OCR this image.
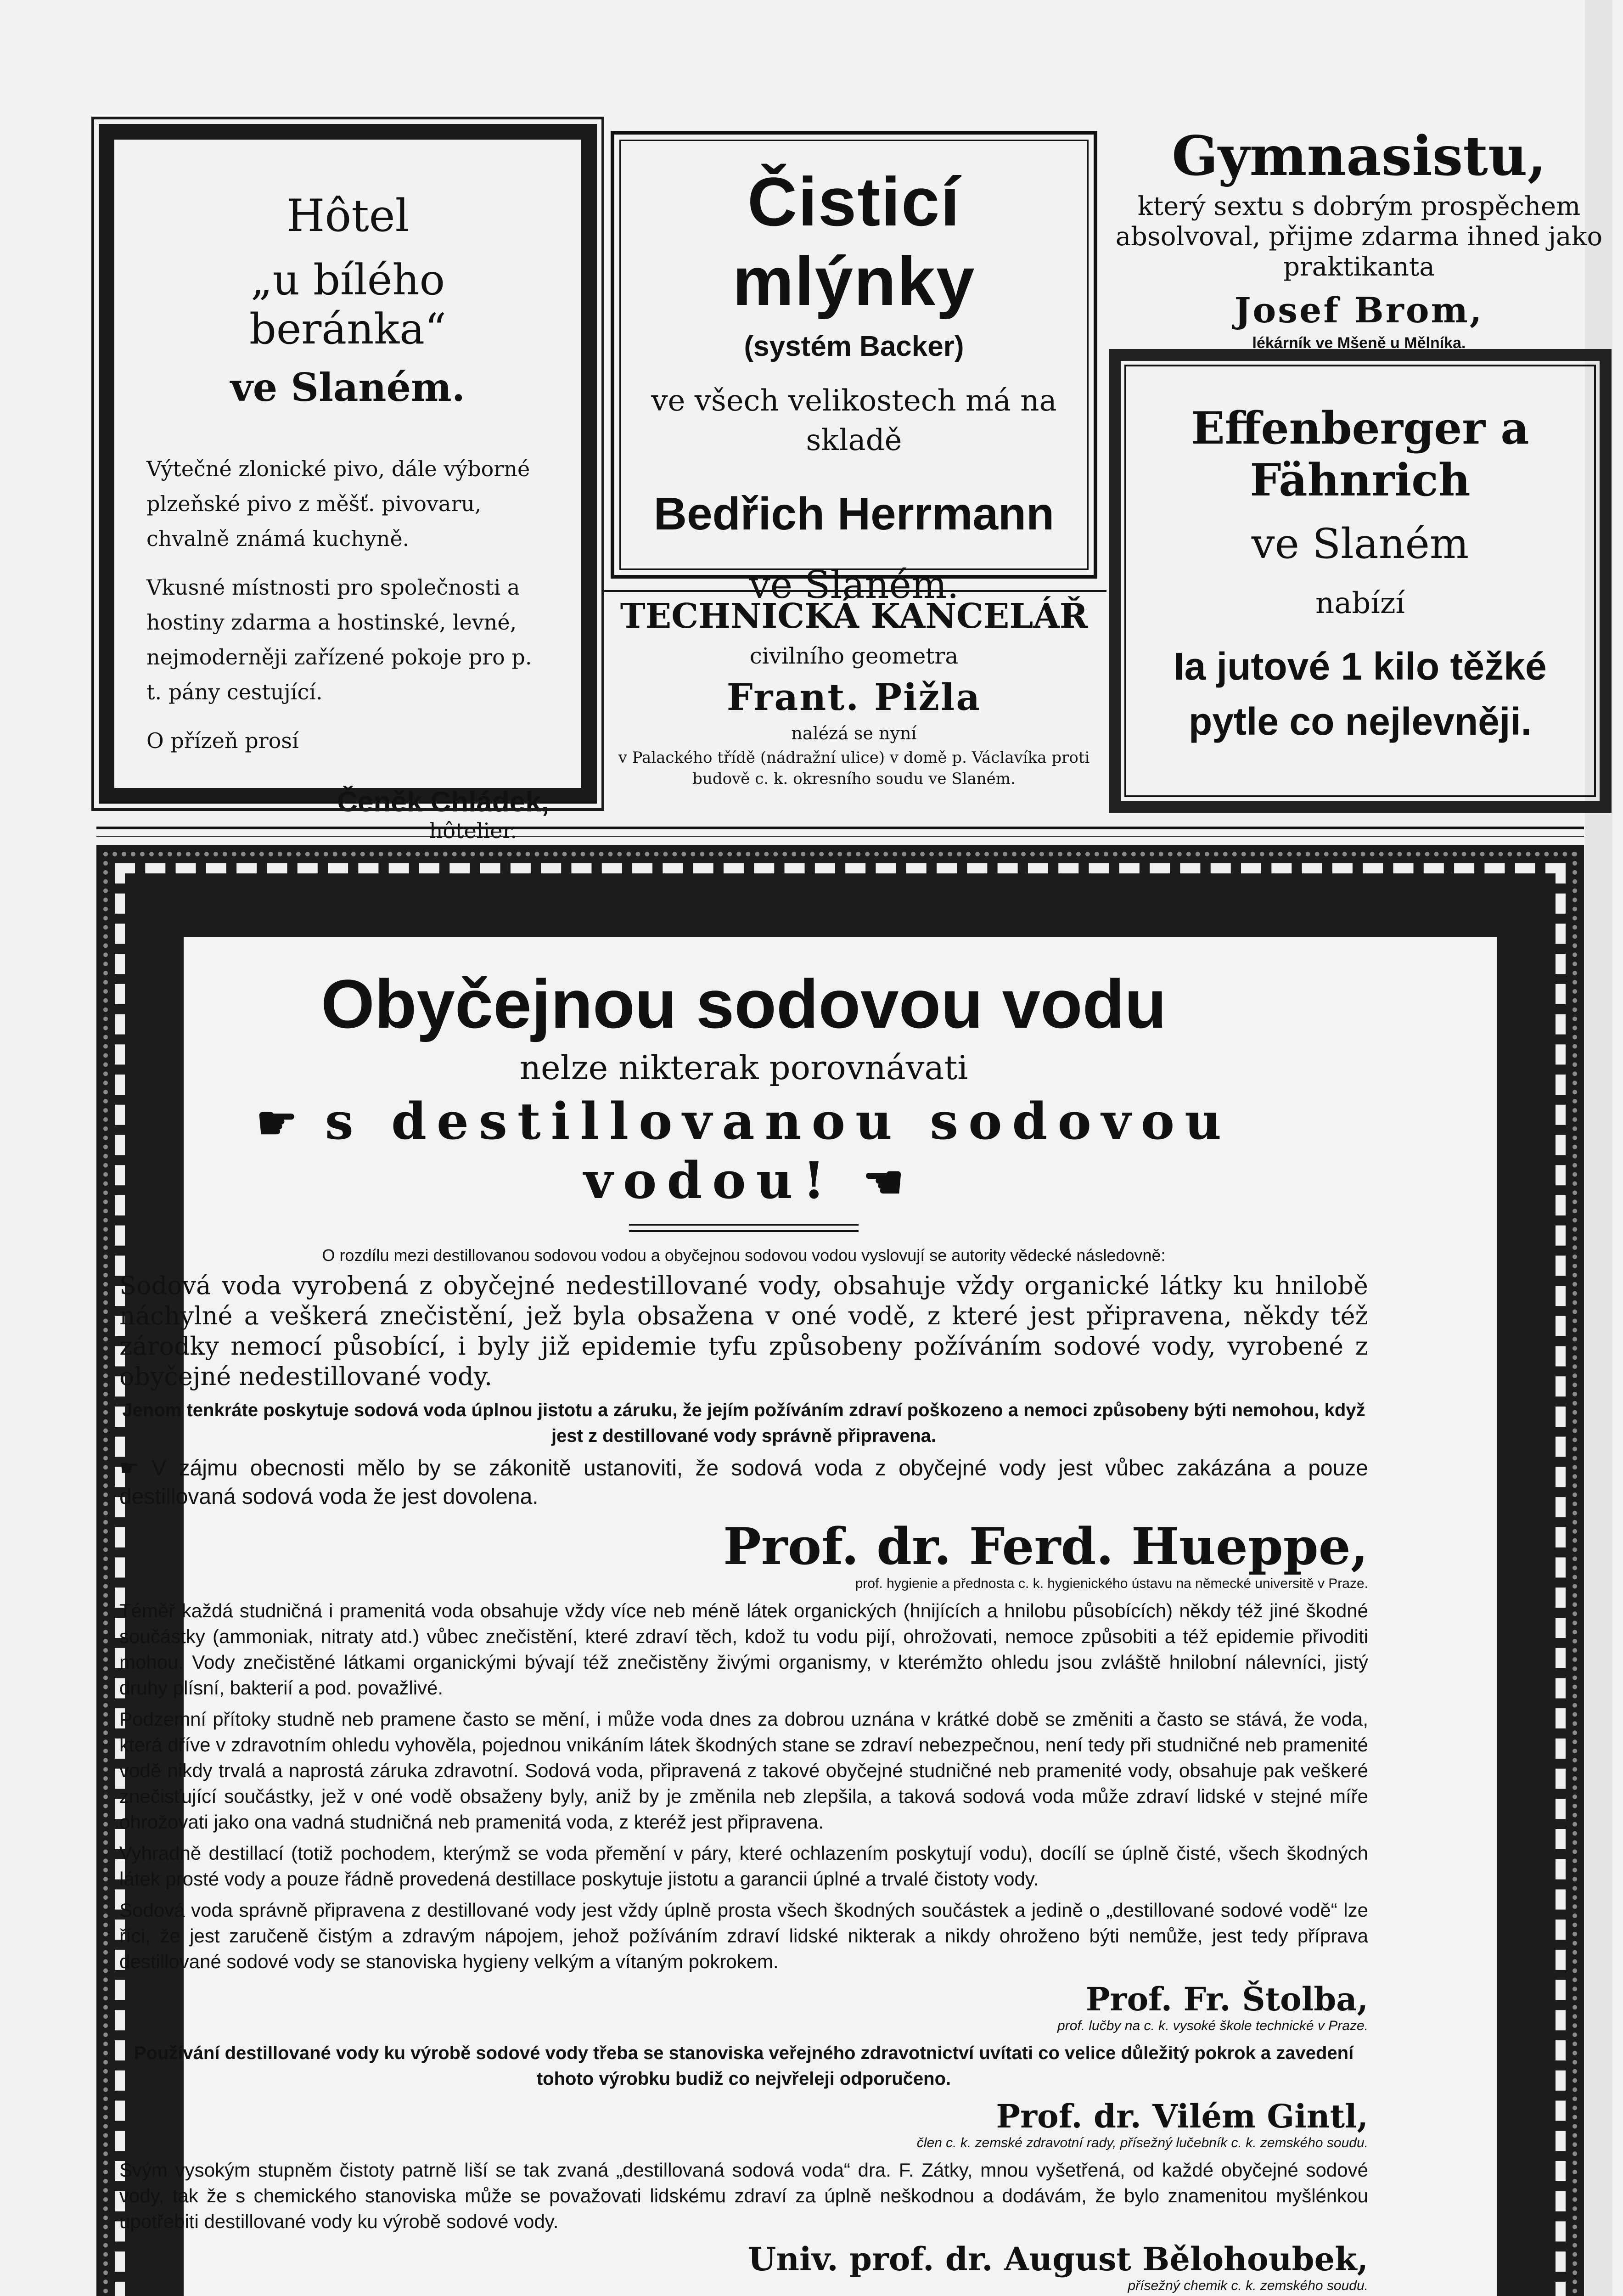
Hôtel
„u bílého beránka“
ve Slaném.

Výtečné zlonické pivo, dále výborné plzeňské pivo z měšť. pivovaru, chvalně známá kuchyně.

Vkusné místnosti pro společnosti a hostiny zdarma a hostinské, levné, nejmoderněji zařízené pokoje pro p. t. pány cestující.

O přízeň prosí

Čeněk Chládek,
hôtelier.
Čisticí mlýnky
(systém Backer)
ve všech velikostech má na skladě
Bedřich Herrmann
ve Slaném.
TECHNICKÁ KANCELÁŘ
civilního geometra
Frant. Pižla
nalézá se nyní
v Palackého třídě (nádražní ulice) v domě p. Václavíka proti budově c. k. okresního soudu ve Slaném.
Gymnasistu,
který sextu s dobrým prospěchem absolvoval, přijme zdarma ihned jako praktikanta
Josef Brom,
lékárník ve Mšeně u Mělníka.
Effenberger a Fähnrich
ve Slaném
nabízí
Ia jutové 1 kilo těžké pytle co nejlevněji.
Obyčejnou sodovou vodu
nelze nikterak porovnávati
☛ s destillovanou sodovou vodou! ☚
O rozdílu mezi destillovanou sodovou vodou a obyčejnou sodovou vodou vyslovují se autority vědecké následovně:

Sodová voda vyrobená z obyčejné nedestillované vody, obsahuje vždy organické látky ku hnilobě náchylné a veškerá znečistění, jež byla obsažena v oné vodě, z které jest připravena, někdy též zárodky nemocí působící, i byly již epidemie tyfu způsobeny požíváním sodové vody, vyrobené z obyčejné nedestillované vody.

Jenom tenkráte poskytuje sodová voda úplnou jistotu a záruku, že jejím požíváním zdraví poškozeno a nemoci způsobeny býti nemohou, když jest z destillované vody správně připravena.

☛ V zájmu obecnosti mělo by se zákonitě ustanoviti, že sodová voda z obyčejné vody jest vůbec zakázána a pouze destillovaná sodová voda že jest dovolena.

Prof. dr. Ferd. Hueppe,
prof. hygienie a přednosta c. k. hygienického ústavu na německé universitě v Praze.

Téměř každá studničná i pramenitá voda obsahuje vždy více neb méně látek organických (hnijících a hnilobu působících) někdy též jiné škodné součástky (ammoniak, nitraty atd.) vůbec znečistění, které zdraví těch, kdož tu vodu pijí, ohrožovati, nemoce způsobiti a též epidemie přivoditi mohou. Vody znečistěné látkami organickými bývají též znečistěny živými organismy, v kterémžto ohledu jsou zvláště hnilobní nálevníci, jistý druhy plísní, bakterií a pod. považlivé.

Podzemní přítoky studně neb pramene často se mění, i může voda dnes za dobrou uznána v krátké době se změniti a často se stává, že voda, která dříve v zdravotním ohledu vyhověla, pojednou vnikáním látek škodných stane se zdraví nebezpečnou, není tedy při studničné neb pramenité vodě nikdy trvalá a naprostá záruka zdravotní. Sodová voda, připravená z takové obyčejné studničné neb pramenité vody, obsahuje pak veškeré znečisťující součástky, jež v oné vodě obsaženy byly, aniž by je změnila neb zlepšila, a taková sodová voda může zdraví lidské v stejné míře ohrožovati jako ona vadná studničná neb pramenitá voda, z kteréž jest připravena.

Vyhradně destillací (totiž pochodem, kterýmž se voda přemění v páry, které ochlazením poskytují vodu), docílí se úplně čisté, všech škodných látek prosté vody a pouze řádně provedená destillace poskytuje jistotu a garancii úplné a trvalé čistoty vody.

Sodová voda správně připravena z destillované vody jest vždy úplně prosta všech škodných součástek a jedině o „destillované sodové vodě“ lze říci, že jest zaručeně čistým a zdravým nápojem, jehož požíváním zdraví lidské nikterak a nikdy ohroženo býti nemůže, jest tedy příprava destillované sodové vody se stanoviska hygieny velkým a vítaným pokrokem.

Prof. Fr. Štolba,
prof. lučby na c. k. vysoké škole technické v Praze.

Používání destillované vody ku výrobě sodové vody třeba se stanoviska veřejného zdravotnictví uvítati co velice důležitý pokrok a zavedení tohoto výrobku budiž co nejvřeleji odporučeno.

Prof. dr. Vilém Gintl,
člen c. k. zemské zdravotní rady, přísežný lučebník c. k. zemského soudu.

Svým vysokým stupněm čistoty patrně liší se tak zvaná „destillovaná sodová voda“ dra. F. Zátky, mnou vyšetřená, od každé obyčejné sodové vody, tak že s chemického stanoviska může se považovati lidskému zdraví za úplně neškodnou a dodávám, že bylo znamenitou myšlénkou upotřebiti destillované vody ku výrobě sodové vody.

Univ. prof. dr. August Bělohoubek,
přísežný chemik c. k. zemského soudu.
